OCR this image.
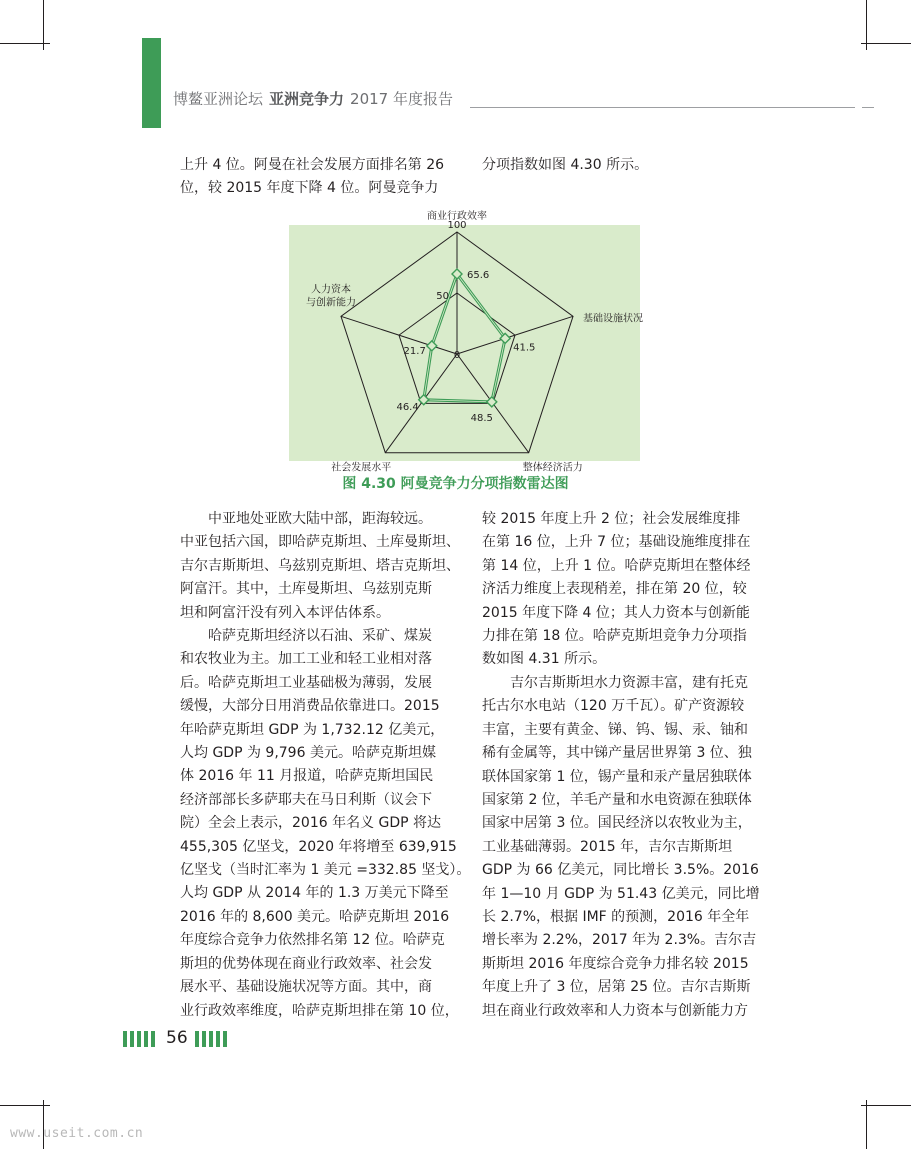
博鳌亚洲论坛 亚洲竞争力 2017 年度报告
上升 4 位。阿曼在社会发展方面排名第 26
位，较 2015 年度下降 4 位。阿曼竞争力
分项指数如图 4.30 所示。
0
50
100
65.6
41.5
48.5
46.4
21.7
商业行政效率
基础设施状况
整体经济活力
社会发展水平
人力资本
与创新能力
图 4.30 阿曼竞争力分项指数雷达图
中亚地处亚欧大陆中部，距海较远。
中亚包括六国，即哈萨克斯坦、土库曼斯坦、
吉尔吉斯斯坦、乌兹别克斯坦、塔吉克斯坦、
阿富汗。其中，土库曼斯坦、乌兹别克斯
坦和阿富汗没有列入本评估体系。
哈萨克斯坦经济以石油、采矿、煤炭
和农牧业为主。加工工业和轻工业相对落
后。哈萨克斯坦工业基础极为薄弱，发展
缓慢，大部分日用消费品依靠进口。2015
年哈萨克斯坦 GDP 为 1,732.12 亿美元，
人均 GDP 为 9,796 美元。哈萨克斯坦媒
体 2016 年 11 月报道，哈萨克斯坦国民
经济部部长多萨耶夫在马日利斯（议会下
院）全会上表示，2016 年名义 GDP 将达
455,305 亿坚戈，2020 年将增至 639,915
亿坚戈（当时汇率为 1 美元 =332.85 坚戈）。
人均 GDP 从 2014 年的 1.3 万美元下降至
2016 年的 8,600 美元。哈萨克斯坦 2016
年度综合竞争力依然排名第 12 位。哈萨克
斯坦的优势体现在商业行政效率、社会发
展水平、基础设施状况等方面。其中，商
业行政效率维度，哈萨克斯坦排在第 10 位，
较 2015 年度上升 2 位；社会发展维度排
在第 16 位，上升 7 位；基础设施维度排在
第 14 位，上升 1 位。哈萨克斯坦在整体经
济活力维度上表现稍差，排在第 20 位，较
2015 年度下降 4 位；其人力资本与创新能
力排在第 18 位。哈萨克斯坦竞争力分项指
数如图 4.31 所示。
吉尔吉斯斯坦水力资源丰富，建有托克
托古尔水电站（120 万千瓦）。矿产资源较
丰富，主要有黄金、锑、钨、锡、汞、铀和
稀有金属等，其中锑产量居世界第 3 位、独
联体国家第 1 位，锡产量和汞产量居独联体
国家第 2 位，羊毛产量和水电资源在独联体
国家中居第 3 位。国民经济以农牧业为主，
工业基础薄弱。2015 年，吉尔吉斯斯坦
GDP 为 66 亿美元，同比增长 3.5%。2016
年 1—10 月 GDP 为 51.43 亿美元，同比增
长 2.7%，根据 IMF 的预测，2016 年全年
增长率为 2.2%，2017 年为 2.3%。吉尔吉
斯斯坦 2016 年度综合竞争力排名较 2015
年度上升了 3 位，居第 25 位。吉尔吉斯斯
坦在商业行政效率和人力资本与创新能力方
56
www.useit.com.cn
